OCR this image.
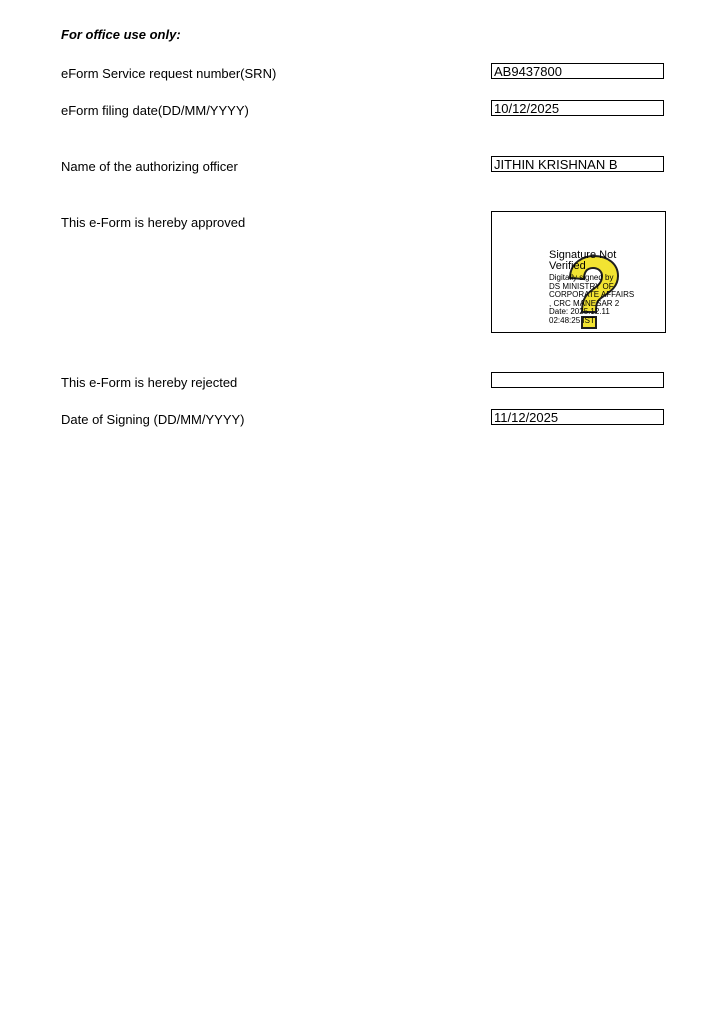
For office use only:
eForm Service request number(SRN)	AB9437800
eForm filing date(DD/MM/YYYY)	10/12/2025
Name of the authorizing officer	JITHIN KRISHNAN B
This e-Form is hereby approved
Signature Not Verified
Digitally signed by
DS MINISTRY OF
CORPORATE AFFAIRS
, CRC MANESAR 2
Date: 2025.12.11
02:48:25 IST
This e-Form is hereby rejected
Date of Signing (DD/MM/YYYY)	11/12/2025
